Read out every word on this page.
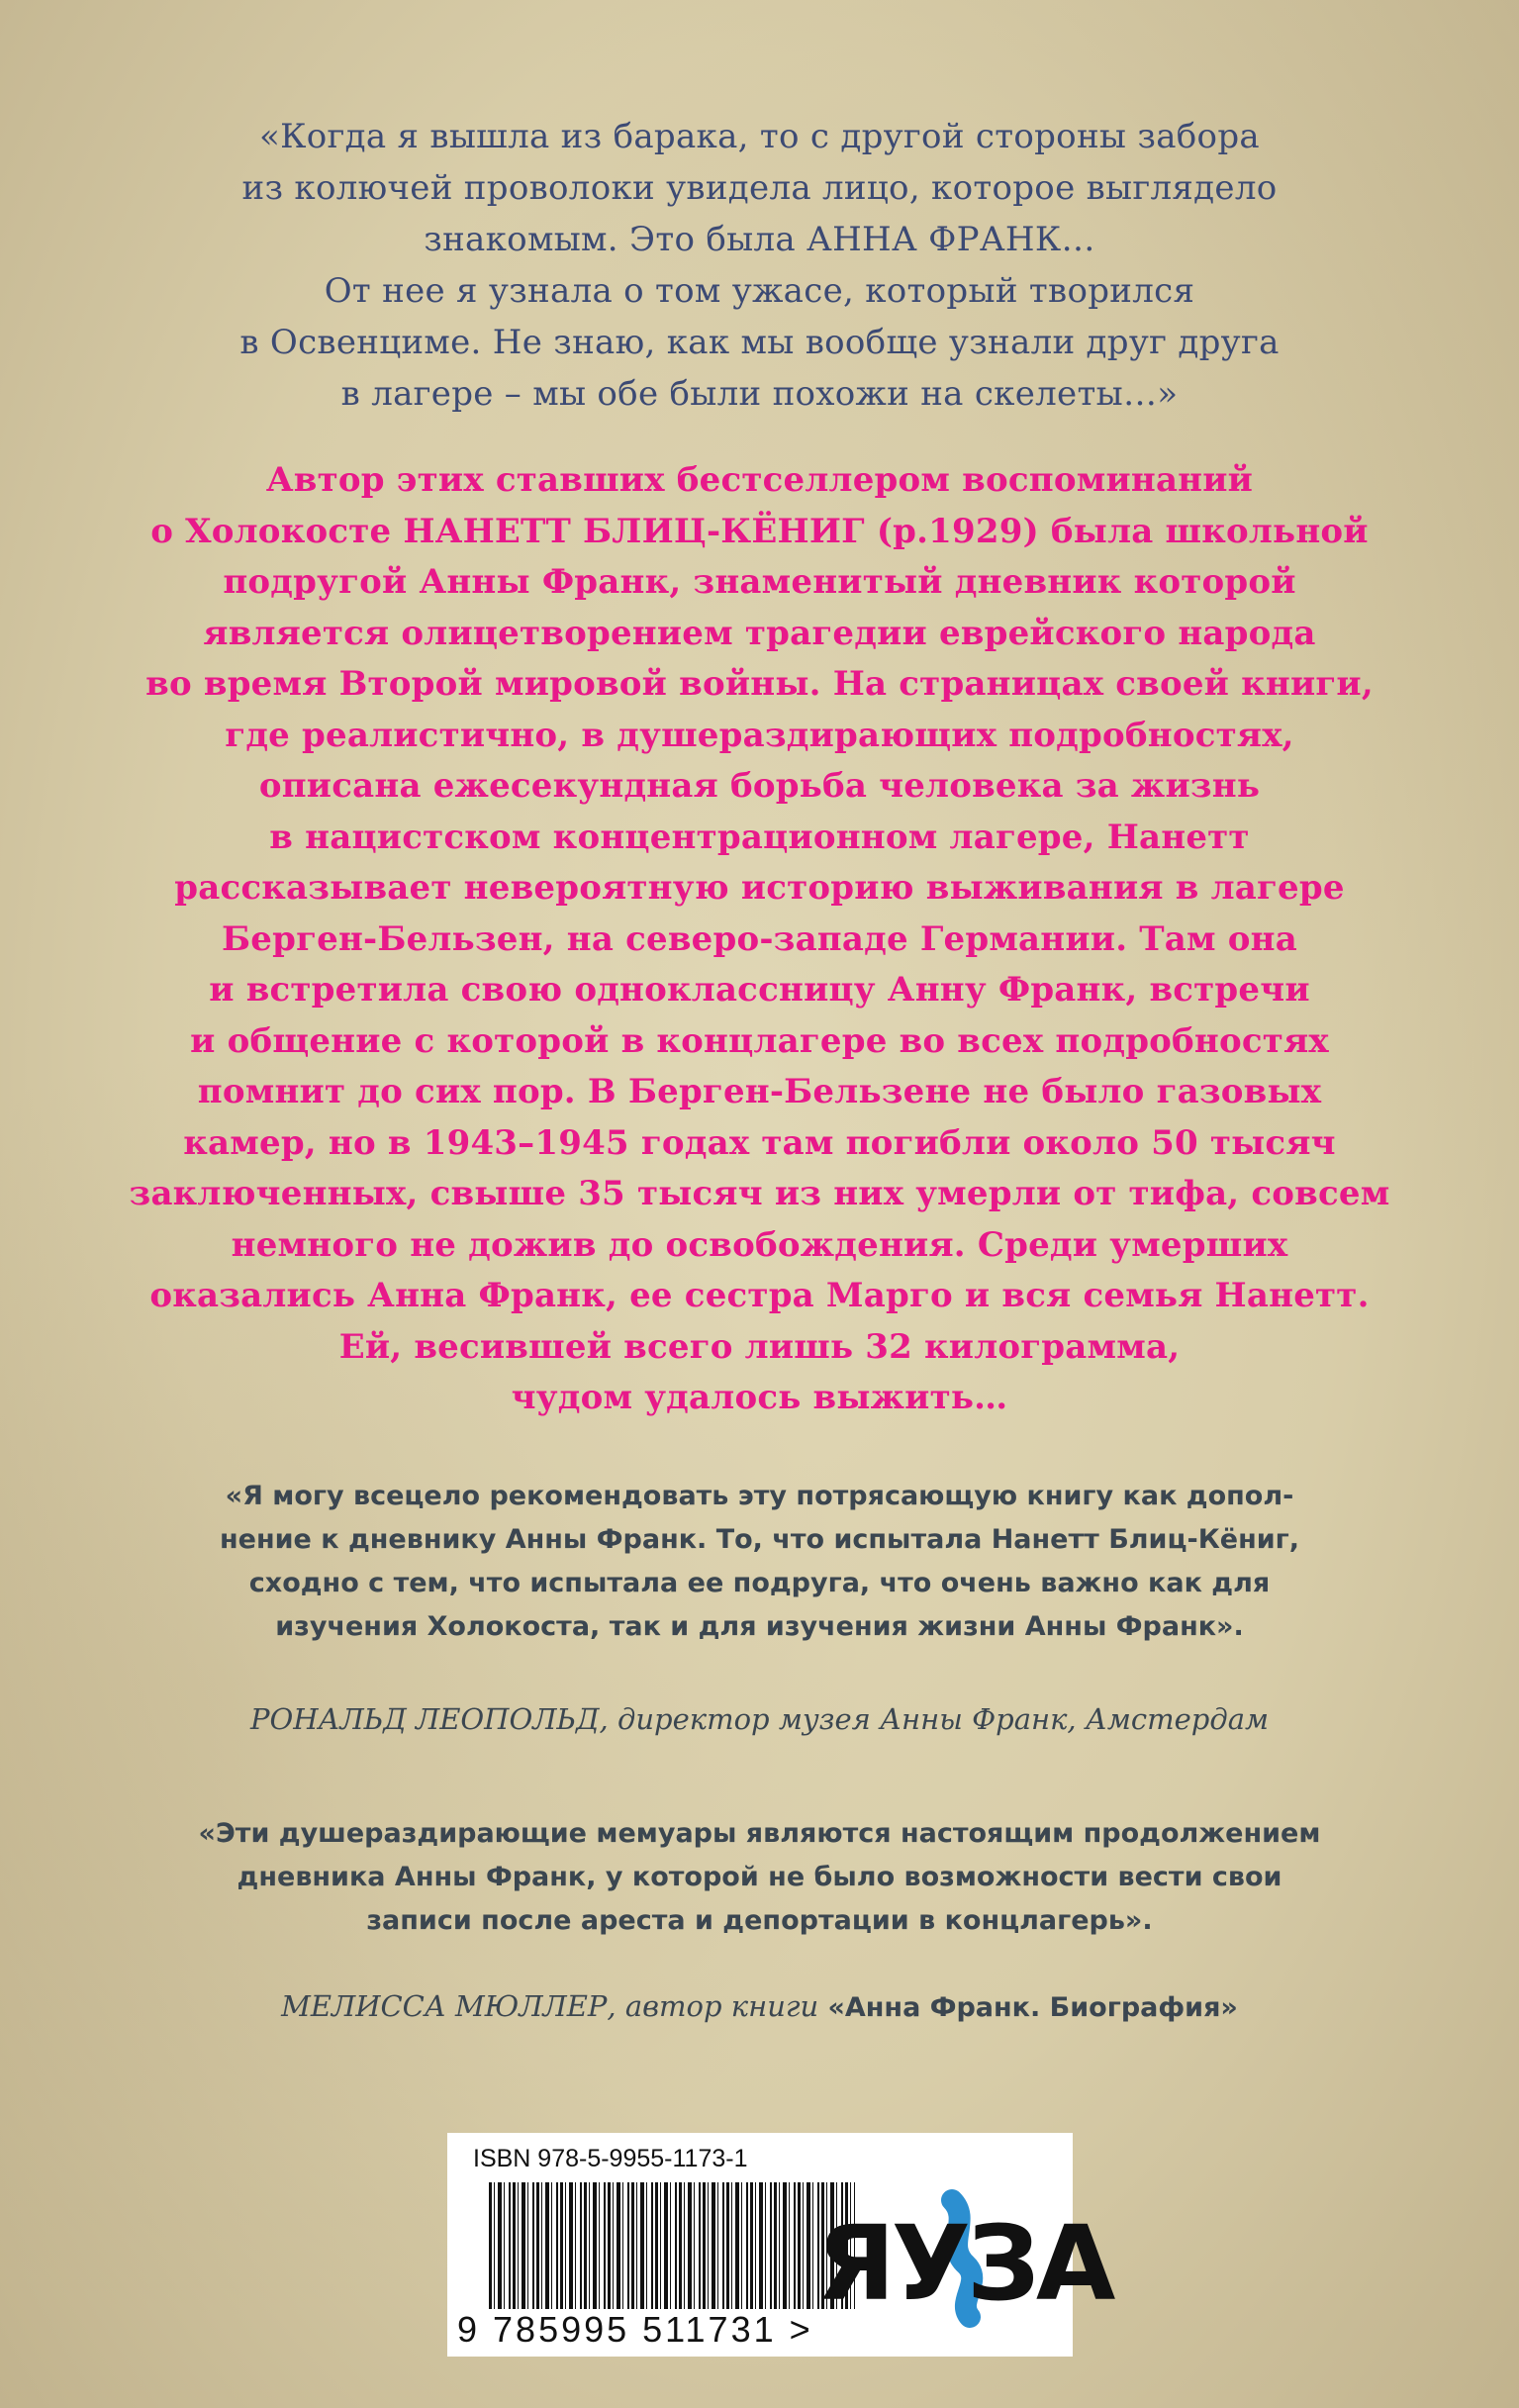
«Когда я вышла из барака, то с другой стороны забора
из колючей проволоки увидела лицо, которое выглядело
знакомым. Это была АННА ФРАНК…
От нее я узнала о том ужасе, который творился
в Освенциме. Не знаю, как мы вообще узнали друг друга
в лагере – мы обе были похожи на скелеты…»
Автор этих ставших бестселлером воспоминаний
о Холокосте НАНЕТТ БЛИЦ-КЁНИГ (р.1929) была школьной
подругой Анны Франк, знаменитый дневник которой
является олицетворением трагедии еврейского народа
во время Второй мировой войны. На страницах своей книги,
где реалистично, в душераздирающих подробностях,
описана ежесекундная борьба человека за жизнь
в нацистском концентрационном лагере, Нанетт
рассказывает невероятную историю выживания в лагере
Берген-Бельзен, на северо-западе Германии. Там она
и встретила свою одноклассницу Анну Франк, встречи
и общение с которой в концлагере во всех подробностях
помнит до сих пор. В Берген-Бельзене не было газовых
камер, но в 1943–1945 годах там погибли около 50 тысяч
заключенных, свыше 35 тысяч из них умерли от тифа, совсем
немного не дожив до освобождения. Среди умерших
оказались Анна Франк, ее сестра Марго и вся семья Нанетт.
Ей, весившей всего лишь 32 килограмма,
чудом удалось выжить…
«Я могу всецело рекомендовать эту потрясающую книгу как допол-
нение к дневнику Анны Франк. То, что испытала Нанетт Блиц-Кёниг,
сходно с тем, что испытала ее подруга, что очень важно как для
изучения Холокоста, так и для изучения жизни Анны Франк».
РОНАЛЬД ЛЕОПОЛЬД, директор музея Анны Франк, Амстердам
«Эти душераздирающие мемуары являются настоящим продолжением
дневника Анны Франк, у которой не было возможности вести свои
записи после ареста и депортации в концлагерь».
МЕЛИССА МЮЛЛЕР, автор книги «Анна Франк. Биография»
ISBN 978-5-9955-1173-1
9 785995 511731 >
ЯУЗА
